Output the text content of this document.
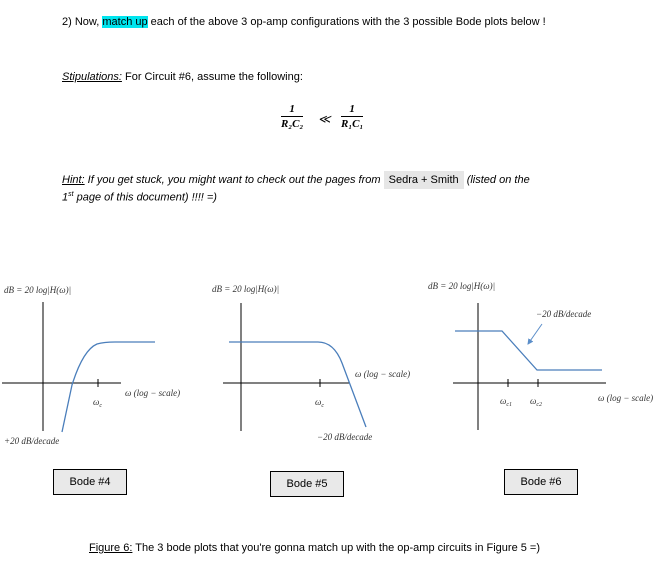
2) Now, match up each of the above 3 op-amp configurations with the 3 possible Bode plots below !
Stipulations: For Circuit #6, assume the following:
$\frac{1}{\text{R₂C₂}}$ ≪ $\frac{1}{\text{R₁C₁}}$
Hint: If you get stuck, you might want to check out the pages from Sedra + Smith (listed on the
1st page of this document) !!!! =)
dB = 20 log|H(ω)|
ω (log − scale)
$\omega_c$
+20 dB/decade
dB = 20 log|H(ω)|
ω (log − scale)
$\omega_c$
−20 dB/decade
dB = 20 log|H(ω)|
ω (log − scale)
$\omega_{c1}$ $\omega_{c2}$
−20 dB/decade
Bode #4	Bode #5	Bode #6
Figure 6: The 3 bode plots that you're gonna match up with the op-amp circuits in Figure 5 =)
